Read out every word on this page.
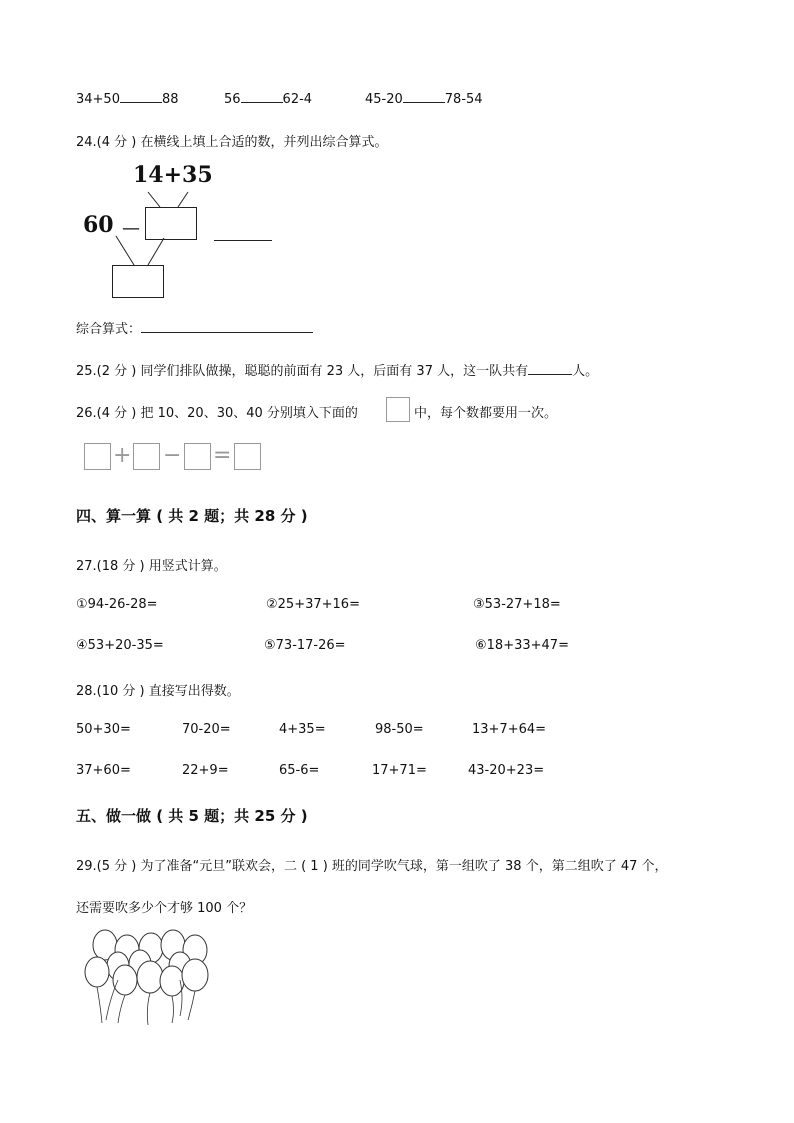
34+50	88	56	62-4	45-20	78-54
24.(4 分 ) 在横线上填上合适的数，并列出综合算式。
14+35
60 —
综合算式：
25.(2 分 ) 同学们排队做操，聪聪的前面有 23 人，后面有 37 人，这一队共有	人。
26.(4 分 ) 把 10、20、30、40 分别填入下面的	中，每个数都要用一次。
+ − =
四、算一算 ( 共 2 题；共 28 分 )
27.(18 分 ) 用竖式计算。
①94-26-28=	②25+37+16=	③53-27+18=
④53+20-35=	⑤73-17-26=	⑥18+33+47=
28.(10 分 ) 直接写出得数。
50+30=	70-20=	4+35=	98-50=	13+7+64=
37+60=	22+9=	65-6=	17+71=	43-20+23=
五、做一做 ( 共 5 题；共 25 分 )
29.(5 分 ) 为了准备“元旦”联欢会，二 ( 1 ) 班的同学吹气球，第一组吹了 38 个，第二组吹了 47 个，
还需要吹多少个才够 100 个？
